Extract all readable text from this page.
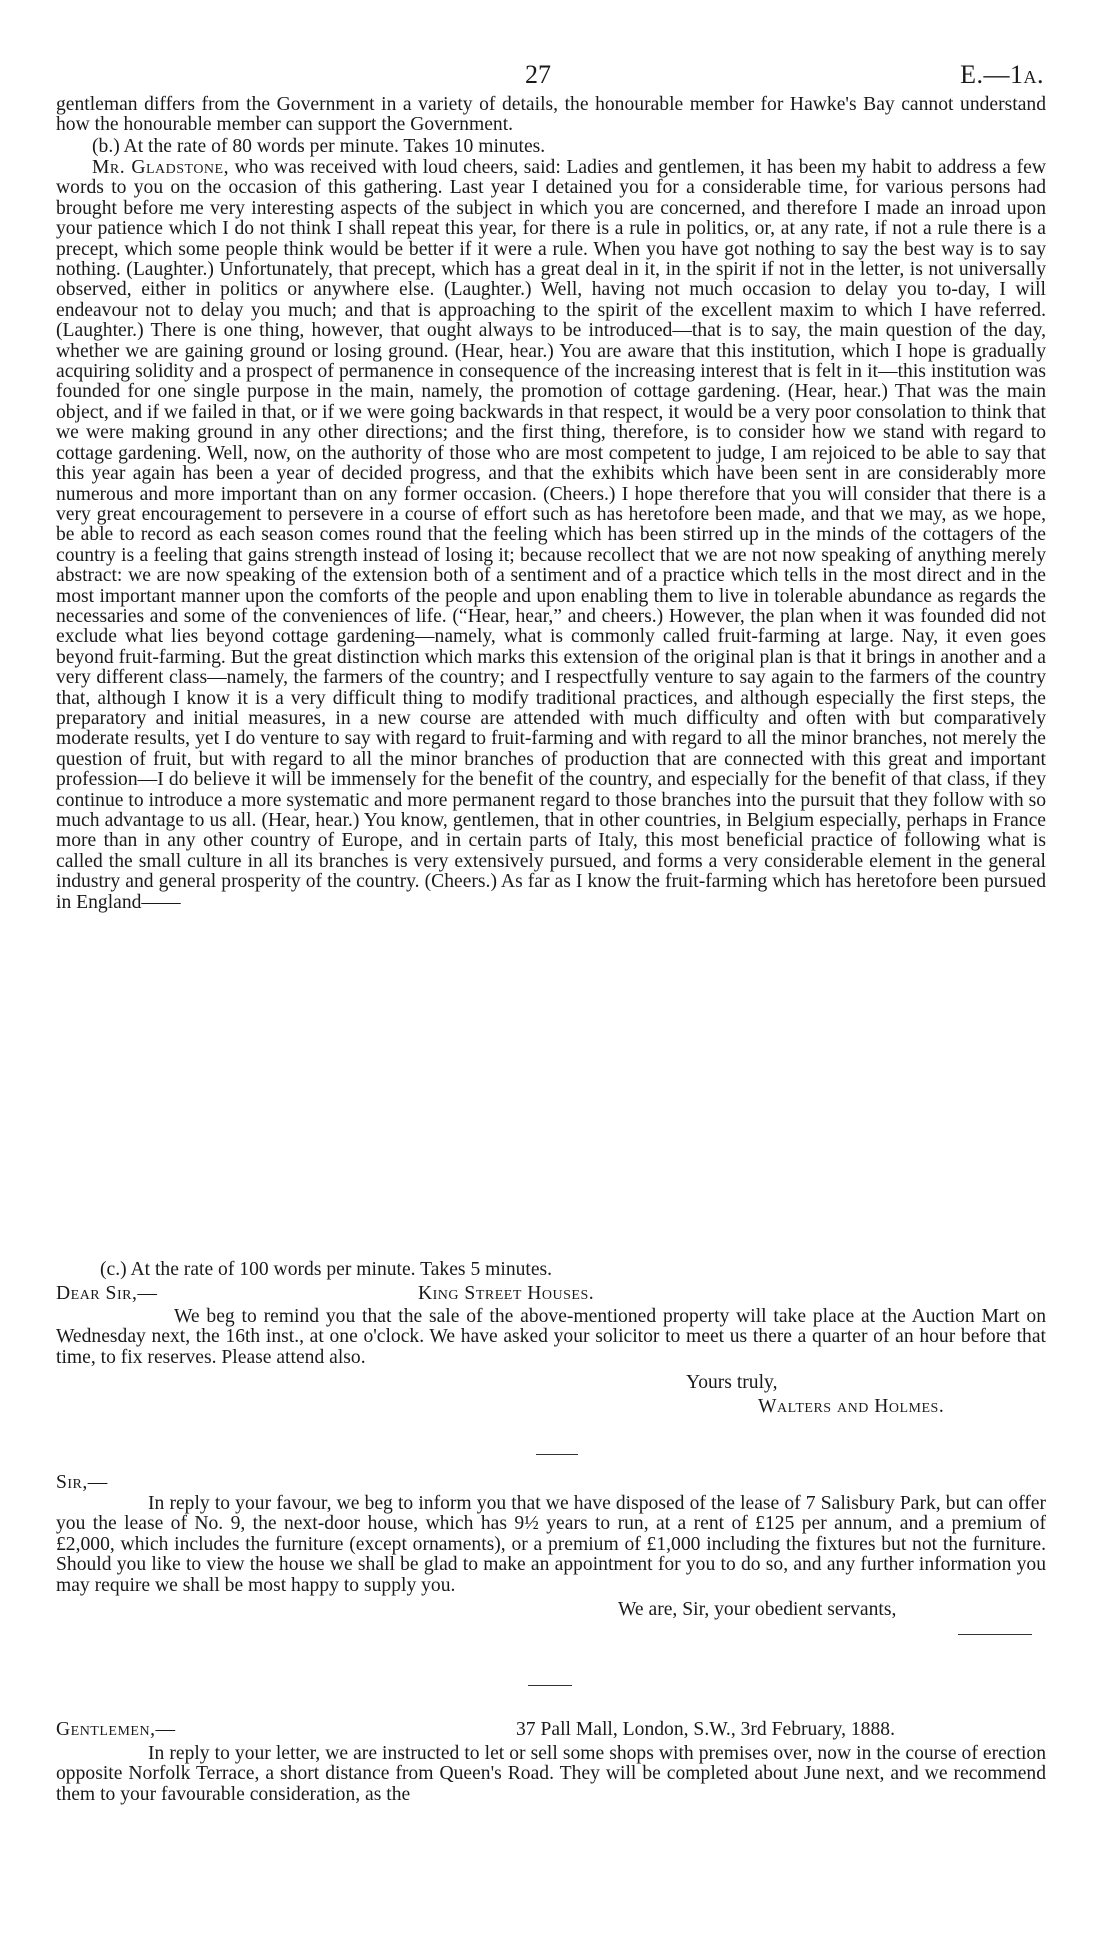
27	E.—1a.

gentleman differs from the Government in a variety of details, the honourable member for Hawke's Bay cannot understand how the honourable member can support the Government.

(b.) At the rate of 80 words per minute. Takes 10 minutes.

Mr. Gladstone, who was received with loud cheers, said: Ladies and gentlemen, it has been my habit to address a few words to you on the occasion of this gathering. Last year I detained you for a considerable time, for various persons had brought before me very interesting aspects of the subject in which you are concerned, and therefore I made an inroad upon your patience which I do not think I shall repeat this year, for there is a rule in politics, or, at any rate, if not a rule there is a precept, which some people think would be better if it were a rule. When you have got nothing to say the best way is to say nothing. (Laughter.) Unfortunately, that precept, which has a great deal in it, in the spirit if not in the letter, is not universally observed, either in politics or anywhere else. (Laughter.) Well, having not much occasion to delay you to-day, I will endeavour not to delay you much; and that is approaching to the spirit of the excellent maxim to which I have referred. (Laughter.) There is one thing, however, that ought always to be introduced—that is to say, the main question of the day, whether we are gaining ground or losing ground. (Hear, hear.) You are aware that this institution, which I hope is gradually acquiring solidity and a prospect of permanence in consequence of the increasing interest that is felt in it—this institution was founded for one single purpose in the main, namely, the promotion of cottage gardening. (Hear, hear.) That was the main object, and if we failed in that, or if we were going backwards in that respect, it would be a very poor consolation to think that we were making ground in any other directions; and the first thing, therefore, is to consider how we stand with regard to cottage gardening. Well, now, on the authority of those who are most competent to judge, I am rejoiced to be able to say that this year again has been a year of decided progress, and that the exhibits which have been sent in are considerably more numerous and more important than on any former occasion. (Cheers.) I hope therefore that you will consider that there is a very great encouragement to persevere in a course of effort such as has heretofore been made, and that we may, as we hope, be able to record as each season comes round that the feeling which has been stirred up in the minds of the cottagers of the country is a feeling that gains strength instead of losing it; because recollect that we are not now speaking of anything merely abstract: we are now speaking of the extension both of a sentiment and of a practice which tells in the most direct and in the most important manner upon the comforts of the people and upon enabling them to live in tolerable abundance as regards the necessaries and some of the conveniences of life. (“Hear, hear,” and cheers.) However, the plan when it was founded did not exclude what lies beyond cottage gardening—namely, what is commonly called fruit-farming at large. Nay, it even goes beyond fruit-farming. But the great distinction which marks this extension of the original plan is that it brings in another and a very different class—namely, the farmers of the country; and I respectfully venture to say again to the farmers of the country that, although I know it is a very difficult thing to modify traditional practices, and although especially the first steps, the preparatory and initial measures, in a new course are attended with much difficulty and often with but comparatively moderate results, yet I do venture to say with regard to fruit-farming and with regard to all the minor branches, not merely the question of fruit, but with regard to all the minor branches of production that are connected with this great and important profession—I do believe it will be immensely for the benefit of the country, and especially for the benefit of that class, if they continue to introduce a more systematic and more permanent regard to those branches into the pursuit that they follow with so much advantage to us all. (Hear, hear.) You know, gentlemen, that in other countries, in Belgium especially, perhaps in France more than in any other country of Europe, and in certain parts of Italy, this most beneficial practice of following what is called the small culture in all its branches is very extensively pursued, and forms a very considerable element in the general industry and general prosperity of the country. (Cheers.) As far as I know the fruit-farming which has heretofore been pursued in England——

(c.) At the rate of 100 words per minute. Takes 5 minutes.
Dear Sir,—	King Street Houses.

We beg to remind you that the sale of the above-mentioned property will take place at the Auction Mart on Wednesday next, the 16th inst., at one o'clock. We have asked your solicitor to meet us there a quarter of an hour before that time, to fix reserves. Please attend also.

Yours truly,
Walters and Holmes.
Sir,—

In reply to your favour, we beg to inform you that we have disposed of the lease of 7 Salisbury Park, but can offer you the lease of No. 9, the next-door house, which has 9½ years to run, at a rent of £125 per annum, and a premium of £2,000, which includes the furniture (except ornaments), or a premium of £1,000 including the fixtures but not the furniture. Should you like to view the house we shall be glad to make an appointment for you to do so, and any further information you may require we shall be most happy to supply you.

We are, Sir, your obedient servants,
Gentlemen,—	37 Pall Mall, London, S.W., 3rd February, 1888.

In reply to your letter, we are instructed to let or sell some shops with premises over, now in the course of erection opposite Norfolk Terrace, a short distance from Queen's Road. They will be completed about June next, and we recommend them to your favourable consideration, as the
